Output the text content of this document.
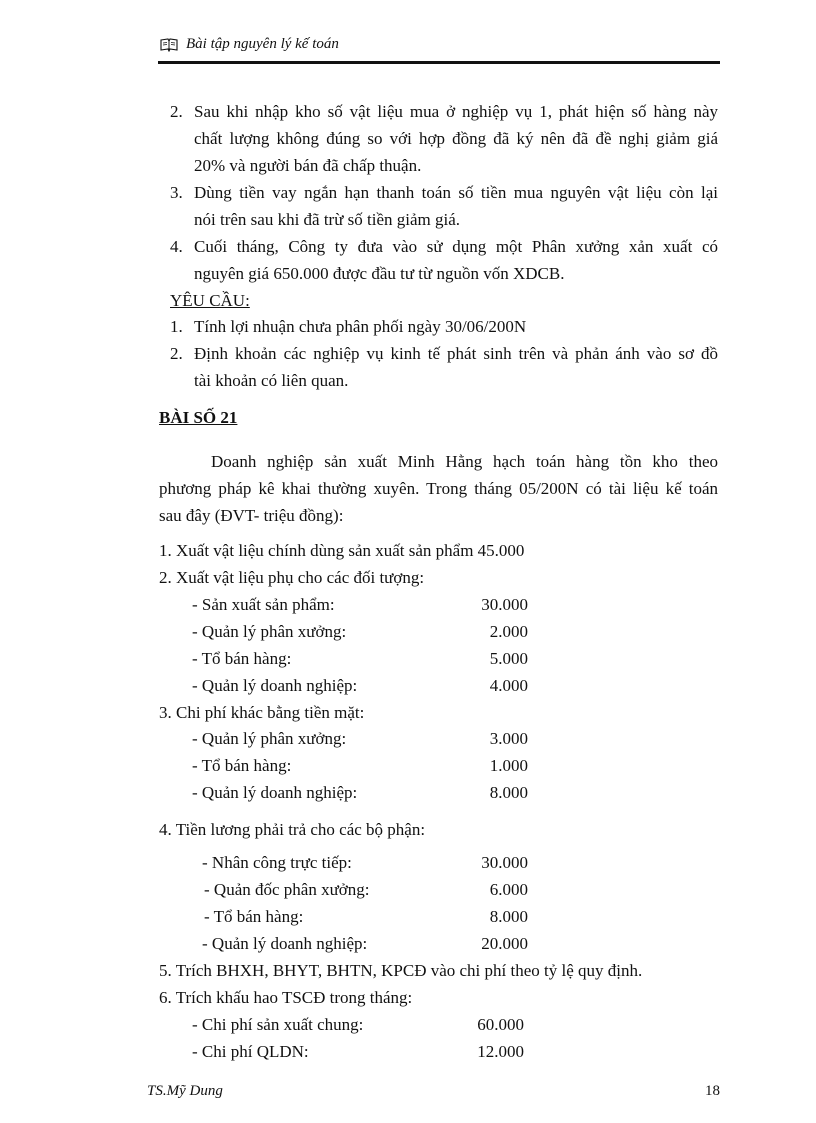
Bài tập nguyên lý kế toán
2. Sau khi nhập kho số vật liệu mua ở nghiệp vụ 1, phát hiện số hàng này
chất lượng không đúng so với hợp đồng đã ký nên đã đề nghị giảm giá
20% và người bán đã chấp thuận.
3. Dùng tiền vay ngắn hạn thanh toán số tiền mua nguyên vật liệu còn lại
nói trên sau khi đã trừ số tiền giảm giá.
4. Cuối tháng, Công ty đưa vào sử dụng một Phân xưởng xản xuất có
nguyên giá 650.000 được đầu tư từ nguồn vốn XDCB.
YÊU CẦU:
1. Tính lợi nhuận chưa phân phối ngày 30/06/200N
2. Định khoản các nghiệp vụ kinh tế phát sinh trên và phản ánh vào sơ đồ
tài khoản có liên quan.
BÀI SỐ 21
Doanh nghiệp sản xuất Minh Hằng hạch toán hàng tồn kho theo
phương pháp kê khai thường xuyên. Trong tháng 05/200N có tài liệu kế toán
sau đây (ĐVT- triệu đồng):
1. Xuất vật liệu chính dùng sản xuất sản phẩm 45.000
2. Xuất vật liệu phụ cho các đối tượng:
- Sản xuất sản phẩm:	30.000
- Quản lý phân xưởng:	2.000
- Tổ bán hàng:	5.000
- Quản lý doanh nghiệp:	4.000
3. Chi phí khác bằng tiền mặt:
- Quản lý phân xưởng:	3.000
- Tổ bán hàng:	1.000
- Quản lý doanh nghiệp:	8.000
4. Tiền lương phải trả cho các bộ phận:
- Nhân công trực tiếp:	30.000
- Quản đốc phân xưởng:	6.000
- Tổ bán hàng:	8.000
- Quản lý doanh nghiệp:	20.000
5. Trích BHXH, BHYT, BHTN, KPCĐ vào chi phí theo tỷ lệ quy định.
6. Trích khấu hao TSCĐ trong tháng:
- Chi phí sản xuất chung:	60.000
- Chi phí QLDN:	12.000
TS.Mỹ Dung	18
